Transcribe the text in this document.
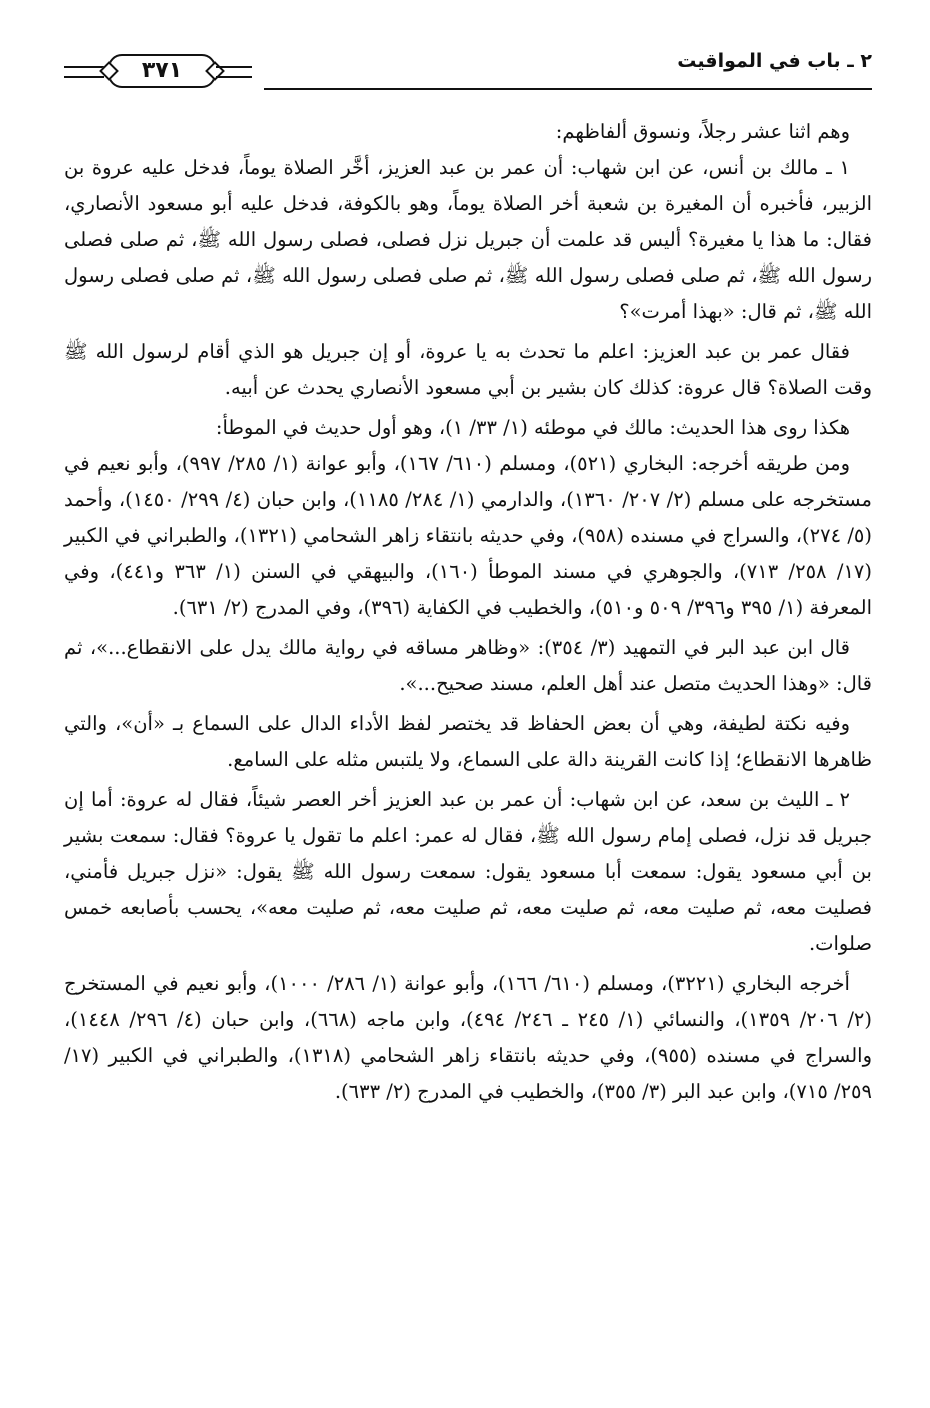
٢ ـ باب في المواقيت
٣٧١

وهم اثنا عشر رجلاً، ونسوق ألفاظهم:

١ ـ مالك بن أنس، عن ابن شهاب: أن عمر بن عبد العزيز، أخَّر الصلاة يوماً، فدخل عليه عروة بن الزبير، فأخبره أن المغيرة بن شعبة أخر الصلاة يوماً، وهو بالكوفة، فدخل عليه أبو مسعود الأنصاري، فقال: ما هذا يا مغيرة؟ أليس قد علمت أن جبريل نزل فصلى، فصلى رسول الله ﷺ، ثم صلى فصلى رسول الله ﷺ، ثم صلى فصلى رسول الله ﷺ، ثم صلى فصلى رسول الله ﷺ، ثم صلى فصلى رسول الله ﷺ، ثم قال: «بهذا أمرت»؟

فقال عمر بن عبد العزيز: اعلم ما تحدث به يا عروة، أو إن جبريل هو الذي أقام لرسول الله ﷺ وقت الصلاة؟ قال عروة: كذلك كان بشير بن أبي مسعود الأنصاري يحدث عن أبيه.

هكذا روى هذا الحديث: مالك في موطئه (١/ ٣٣/ ١)، وهو أول حديث في الموطأ:

ومن طريقه أخرجه: البخاري (٥٢١)، ومسلم (٦١٠/ ١٦٧)، وأبو عوانة (١/ ٢٨٥/ ٩٩٧)، وأبو نعيم في مستخرجه على مسلم (٢/ ٢٠٧/ ١٣٦٠)، والدارمي (١/ ٢٨٤/ ١١٨٥)، وابن حبان (٤/ ٢٩٩/ ١٤٥٠)، وأحمد (٥/ ٢٧٤)، والسراج في مسنده (٩٥٨)، وفي حديثه بانتقاء زاهر الشحامي (١٣٢١)، والطبراني في الكبير (١٧/ ٢٥٨/ ٧١٣)، والجوهري في مسند الموطأ (١٦٠)، والبيهقي في السنن (١/ ٣٦٣ و٤٤١)، وفي المعرفة (١/ ٣٩٥ و٣٩٦/ ٥٠٩ و٥١٠)، والخطيب في الكفاية (٣٩٦)، وفي المدرج (٢/ ٦٣١).

قال ابن عبد البر في التمهيد (٣/ ٣٥٤): «وظاهر مساقه في رواية مالك يدل على الانقطاع...»، ثم قال: «وهذا الحديث متصل عند أهل العلم، مسند صحيح...».

وفيه نكتة لطيفة، وهي أن بعض الحفاظ قد يختصر لفظ الأداء الدال على السماع بـ «أن»، والتي ظاهرها الانقطاع؛ إذا كانت القرينة دالة على السماع، ولا يلتبس مثله على السامع.

٢ ـ الليث بن سعد، عن ابن شهاب: أن عمر بن عبد العزيز أخر العصر شيئاً، فقال له عروة: أما إن جبريل قد نزل، فصلى إمام رسول الله ﷺ، فقال له عمر: اعلم ما تقول يا عروة؟ فقال: سمعت بشير بن أبي مسعود يقول: سمعت أبا مسعود يقول: سمعت رسول الله ﷺ يقول: «نزل جبريل فأمني، فصليت معه، ثم صليت معه، ثم صليت معه، ثم صليت معه، ثم صليت معه»، يحسب بأصابعه خمس صلوات.

أخرجه البخاري (٣٢٢١)، ومسلم (٦١٠/ ١٦٦)، وأبو عوانة (١/ ٢٨٦/ ١٠٠٠)، وأبو نعيم في المستخرج (٢/ ٢٠٦/ ١٣٥٩)، والنسائي (١/ ٢٤٥ ـ ٢٤٦/ ٤٩٤)، وابن ماجه (٦٦٨)، وابن حبان (٤/ ٢٩٦/ ١٤٤٨)، والسراج في مسنده (٩٥٥)، وفي حديثه بانتقاء زاهر الشحامي (١٣١٨)، والطبراني في الكبير (١٧/ ٢٥٩/ ٧١٥)، وابن عبد البر (٣/ ٣٥٥)، والخطيب في المدرج (٢/ ٦٣٣).
